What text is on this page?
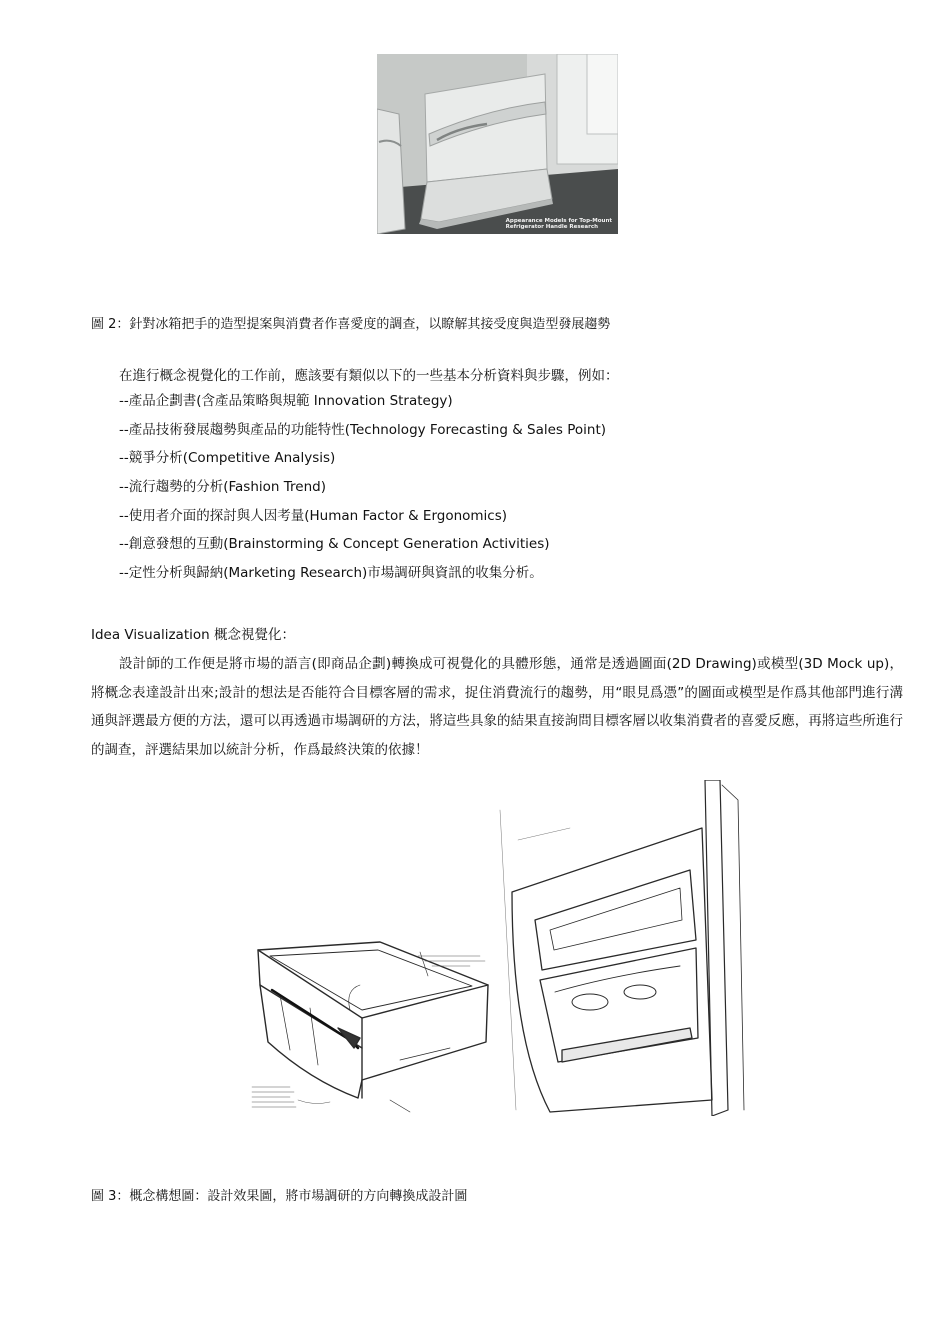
Appearance Models for Top-Mount
Refrigerator Handle Research
圖 2：針對冰箱把手的造型提案與消費者作喜愛度的調查，以瞭解其接受度與造型發展趨勢
在進行概念視覺化的工作前，應該要有類似以下的一些基本分析資料與步驟，例如：
--產品企劃書(含產品策略與規範 Innovation Strategy)
--產品技術發展趨勢與產品的功能特性(Technology Forecasting & Sales Point)
--競爭分析(Competitive Analysis)
--流行趨勢的分析(Fashion Trend)
--使用者介面的探討與人因考量(Human Factor & Ergonomics)
--創意發想的互動(Brainstorming & Concept Generation Activities)
--定性分析與歸納(Marketing Research)市場調研與資訊的收集分析。
Idea Visualization 概念視覺化：

設計師的工作便是將市場的語言(即商品企劃)轉換成可視覺化的具體形態，通常是透過圖面(2D Drawing)或模型(3D Mock up)，將概念表達設計出來;設計的想法是否能符合目標客層的需求，捉住消費流行的趨勢，用“眼見爲憑”的圖面或模型是作爲其他部門進行溝通與評選最方便的方法，還可以再透過市場調研的方法，將這些具象的結果直接詢問目標客層以收集消費者的喜愛反應，再將這些所進行的調查，評選結果加以統計分析，作爲最終決策的依據！

圖 3：概念構想圖：設計效果圖，將市場調研的方向轉換成設計圖
